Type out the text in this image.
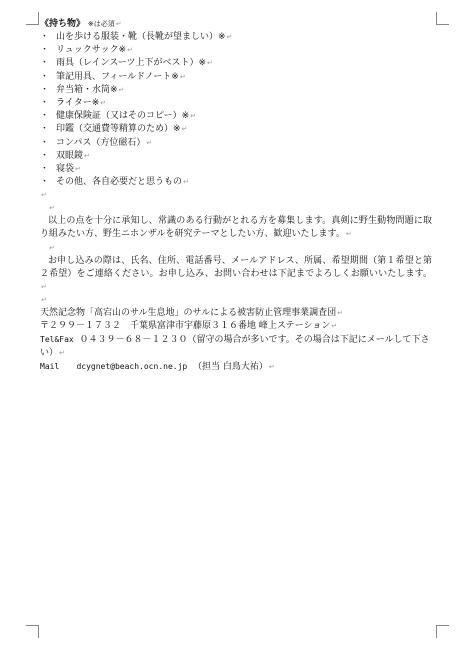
《持ち物》 ※は必須↵
・ 山を歩ける服装・靴（長靴が望ましい）※↵
・ リュックサック※↵
・ 雨具（レインスーツ上下がベスト）※↵
・ 筆記用具、フィールドノート※↵
・ 弁当箱・水筒※↵
・ ライター※↵
・ 健康保険証（又はそのコピー）※↵
・ 印鑑（交通費等精算のため）※↵
・ コンパス（方位磁石）↵
・ 双眼鏡↵
・ 寝袋↵
・ その他、各自必要だと思うもの↵
↵
↵

以上の点を十分に承知し、常識のある行動がとれる方を募集します。真剣に野生動物問題に取り組みたい方、野生ニホンザルを研究テーマとしたい方、歓迎いたします。↵

↵

お申し込みの際は、氏名、住所、電話番号、メールアドレス、所属、希望期間（第１希望と第２希望）をご連絡ください。お申し込み、お問い合わせは下記までよろしくお願いいたします。↵

↵

天然記念物「高宕山のサル生息地」のサルによる被害防止管理事業調査団↵

〒２９９－１７３２　千葉県富津市宇藤原３１６番地 峰上ステーション↵

Tel&Fax ０４３９－６８－１２３０（留守の場合が多いです。その場合は下記にメールして下さい）↵

Mail dcygnet@beach.ocn.ne.jp （担当 白鳥大祐）↵
